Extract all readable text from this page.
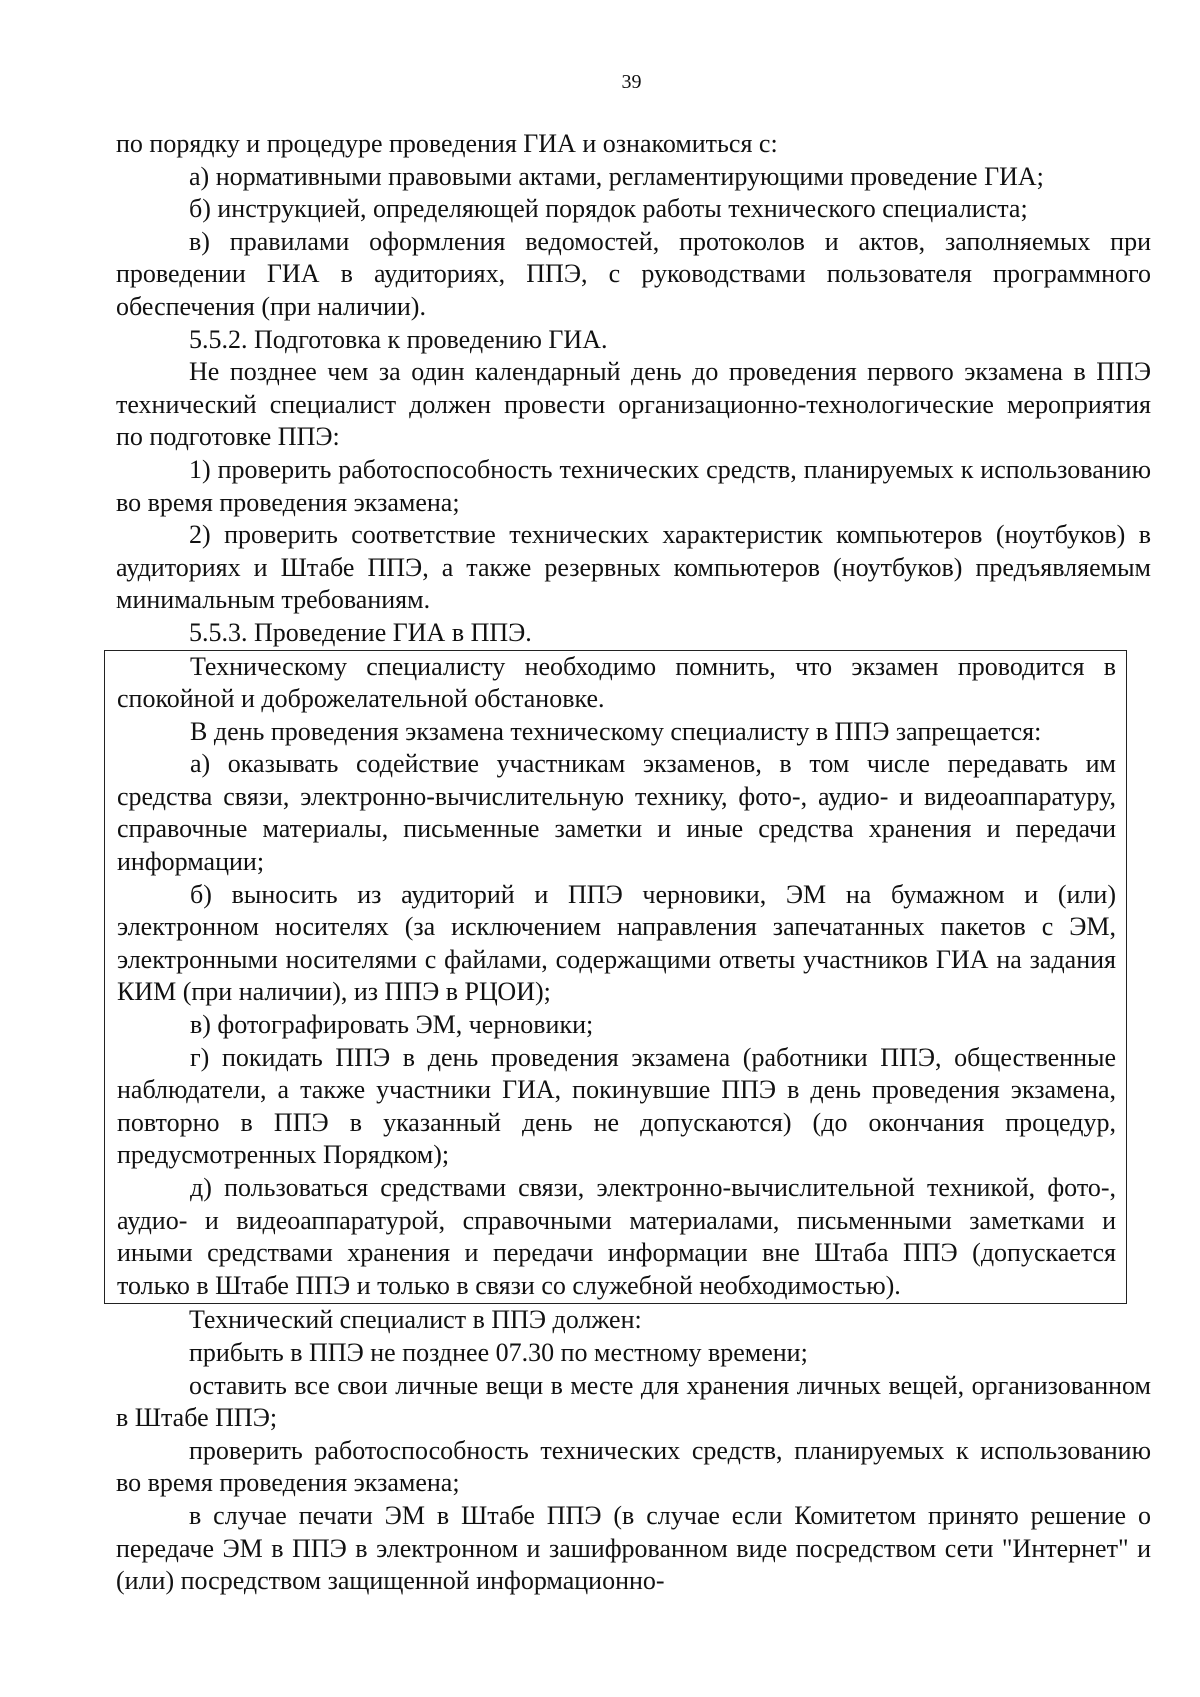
39

по порядку и процедуре проведения ГИА и ознакомиться с:

а) нормативными правовыми актами, регламентирующими проведение ГИА;

б) инструкцией, определяющей порядок работы технического специалиста;

в) правилами оформления ведомостей, протоколов и актов, заполняемых при проведении ГИА в аудиториях, ППЭ, с руководствами пользователя программного обеспечения (при наличии).

5.5.2. Подготовка к проведению ГИА.

Не позднее чем за один календарный день до проведения первого экзамена в ППЭ технический специалист должен провести организационно-технологические мероприятия по подготовке ППЭ:

1) проверить работоспособность технических средств, планируемых к использованию во время проведения экзамена;

2) проверить соответствие технических характеристик компьютеров (ноутбуков) в аудиториях и Штабе ППЭ, а также резервных компьютеров (ноутбуков) предъявляемым минимальным требованиям.

5.5.3. Проведение ГИА в ППЭ.

Техническому специалисту необходимо помнить, что экзамен проводится в спокойной и доброжелательной обстановке.

В день проведения экзамена техническому специалисту в ППЭ запрещается:

а) оказывать содействие участникам экзаменов, в том числе передавать им средства связи, электронно-вычислительную технику, фото-, аудио- и видеоаппаратуру, справочные материалы, письменные заметки и иные средства хранения и передачи информации;

б) выносить из аудиторий и ППЭ черновики, ЭМ на бумажном и (или) электронном носителях (за исключением направления запечатанных пакетов с ЭМ, электронными носителями с файлами, содержащими ответы участников ГИА на задания КИМ (при наличии), из ППЭ в РЦОИ);

в) фотографировать ЭМ, черновики;

г) покидать ППЭ в день проведения экзамена (работники ППЭ, общественные наблюдатели, а также участники ГИА, покинувшие ППЭ в день проведения экзамена, повторно в ППЭ в указанный день не допускаются) (до окончания процедур, предусмотренных Порядком);

д) пользоваться средствами связи, электронно-вычислительной техникой, фото-, аудио- и видеоаппаратурой, справочными материалами, письменными заметками и иными средствами хранения и передачи информации вне Штаба ППЭ (допускается только в Штабе ППЭ и только в связи со служебной необходимостью).

Технический специалист в ППЭ должен:

прибыть в ППЭ не позднее 07.30 по местному времени;

оставить все свои личные вещи в месте для хранения личных вещей, организованном в Штабе ППЭ;

проверить работоспособность технических средств, планируемых к использованию во время проведения экзамена;

в случае печати ЭМ в Штабе ППЭ (в случае если Комитетом принято решение о передаче ЭМ в ППЭ в электронном и зашифрованном виде посредством сети "Интернет" и (или) посредством защищенной информационно-
